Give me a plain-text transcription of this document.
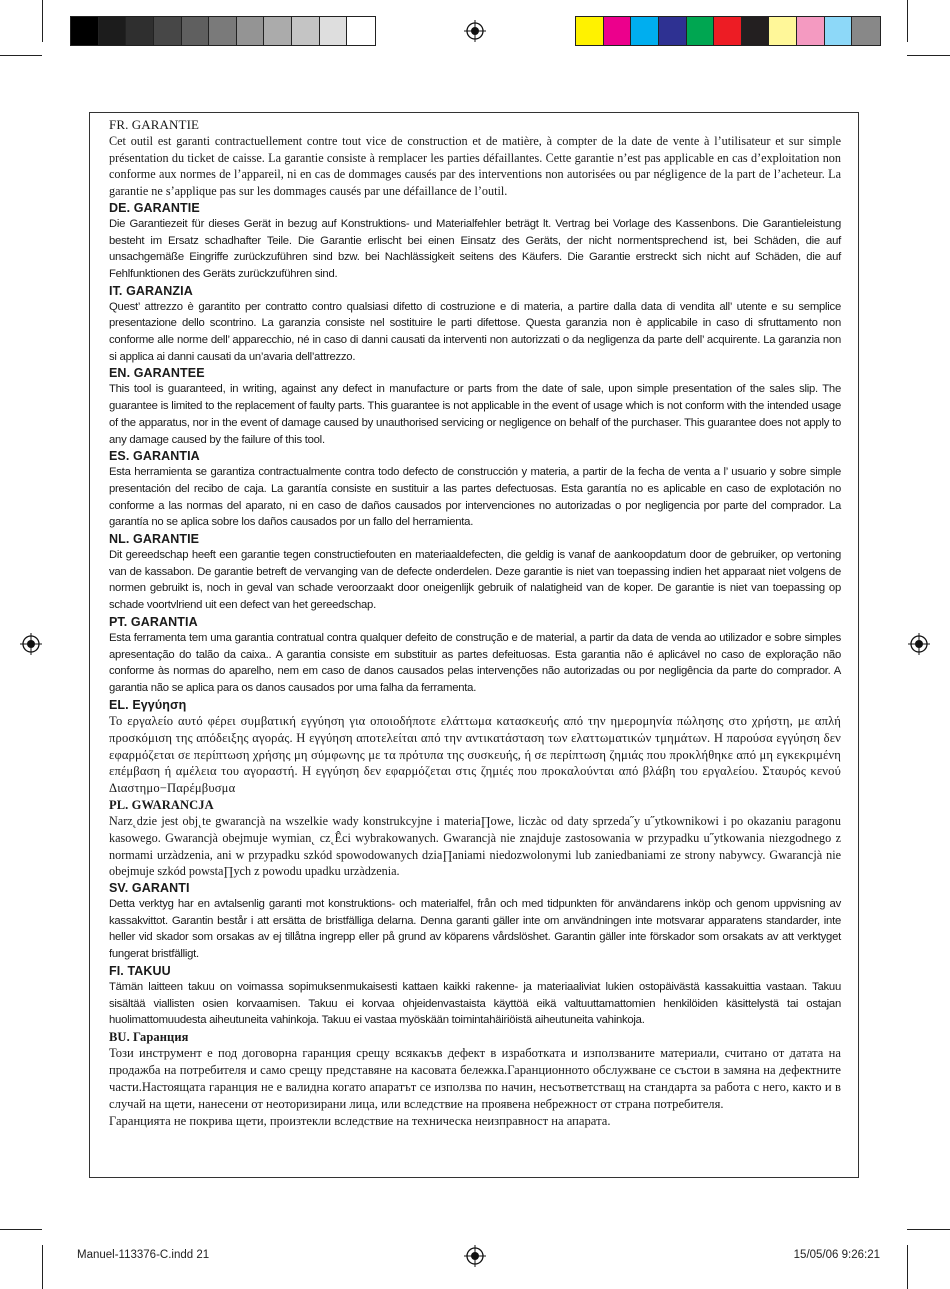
FR. GARANTIE

Cet outil est garanti contractuellement contre tout vice de construction et de matière, à compter de la date de vente à l’utilisateur et sur simple présentation du ticket de caisse. La garantie consiste à remplacer les parties défaillantes. Cette garantie n’est pas applicable en cas d’exploitation non conforme aux normes de l’appareil, ni en cas de dommages causés par des interventions non autorisées ou par négligence de la part de l’acheteur. La garantie ne s’applique pas sur les dommages causés par une défaillance de l’outil.

DE. GARANTIE

Die Garantiezeit für dieses Gerät in bezug auf Konstruktions- und Materialfehler beträgt lt. Vertrag bei Vorlage des Kassenbons. Die Garantieleistung besteht im Ersatz schadhafter Teile. Die Garantie erlischt bei einen Einsatz des Geräts, der nicht normentsprechend ist, bei Schäden, die auf unsachgemäße Eingriffe zurückzuführen sind bzw. bei Nachlässigkeit seitens des Käufers. Die Garantie erstreckt sich nicht auf Schäden, die auf Fehlfunktionen des Geräts zurückzuführen sind.

IT. GARANZIA

Quest’ attrezzo è garantito per contratto contro qualsiasi difetto di costruzione e di materia, a partire dalla data di vendita all’ utente e su semplice presentazione dello scontrino. La garanzia consiste nel sostituire le parti difettose. Questa garanzia non è applicabile in caso di sfruttamento non conforme alle norme dell’ apparecchio, né in caso di danni causati da interventi non autorizzati o da negligenza da parte dell’ acquirente. La garanzia non si applica ai danni causati da un’avaria dell’attrezzo.

EN. GARANTEE

This tool is guaranteed, in writing, against any defect in manufacture or parts from the date of sale, upon simple presentation of the sales slip. The guarantee is limited to the replacement of faulty parts. This guarantee is not applicable in the event of usage which is not conform with the intended usage of the apparatus, nor in the event of damage caused by unauthorised servicing or negligence on behalf of the purchaser. This guarantee does not apply to any damage caused by the failure of this tool.

ES. GARANTIA

Esta herramienta se garantiza contractualmente contra todo defecto de construcción y materia, a partir de la fecha de venta a l’ usuario y sobre simple presentación del recibo de caja. La garantía consiste en sustituir a las partes defectuosas. Esta garantía no es aplicable en caso de explotación no conforme a las normas del aparato, ni en caso de daños causados por intervenciones no autorizadas o por negligencia por parte del comprador. La garantía no se aplica sobre los daños causados por un fallo del herramienta.

NL. GARANTIE

Dit gereedschap heeft een garantie tegen constructiefouten en materiaaldefecten, die geldig is vanaf de aankoopdatum door de gebruiker, op vertoning van de kassabon. De garantie betreft de vervanging van de defecte onderdelen. Deze garantie is niet van toepassing indien het apparaat niet volgens de normen gebruikt is, noch in geval van schade veroorzaakt door oneigenlijk gebruik of nalatigheid van de koper. De garantie is niet van toepassing op schade voortvlriend uit een defect van het gereedschap.

PT. GARANTIA

Esta ferramenta tem uma garantia contratual contra qualquer defeito de construção e de material, a partir da data de venda ao utilizador e sobre simples apresentação do talão da caixa.. A garantia consiste em substituir as partes defeituosas. Esta garantia não é aplicável no caso de exploração não conforme às normas do aparelho, nem em caso de danos causados pelas intervenções não autorizadas ou por negligência da parte do comprador. A garantia não se aplica para os danos causados por uma falha da ferramenta.

EL. Εγγύηση

Το εργαλείο αυτό φέρει συμβατική εγγύηση για οποιοδήποτε ελάττωμα κατασκευής από την ημερομηνία πώλησης στο χρήστη, με απλή προσκόμιση της απόδειξης αγοράς. Η εγγύηση αποτελείται από την αντικατάσταση των ελαττωματικών τμημάτων. Η παρούσα εγγύηση δεν εφαρμόζεται σε περίπτωση χρήσης μη σύμφωνης με τα πρότυπα της συσκευής, ή σε περίπτωση ζημιάς που προκλήθηκε από μη εγκεκριμένη επέμβαση ή αμέλεια του αγοραστή. Η εγγύηση δεν εφαρμόζεται στις ζημιές που προκαλούνται από βλάβη του εργαλείου. Σταυρός κενού Διαστημο−Παρέμβυσμα

PL. GWARANCJA

Narz˛dzie jest obj˛te gwarancjà na wszelkie wady konstrukcyjne i materia∏owe, liczàc od daty sprzeda˝y u˝ytkownikowi i po okazaniu paragonu kasowego. Gwarancjà obejmuje wymian˛ cz˛Êci wybrakowanych. Gwarancjà nie znajduje zastosowania w przypadku u˝ytkowania niezgodnego z normami urzàdzenia, ani w przypadku szkód spowodowanych dzia∏aniami niedozwolonymi lub zaniedbaniami ze strony nabywcy. Gwarancjà nie obejmuje szkód powsta∏ych z powodu upadku urzàdzenia.

SV. GARANTI

Detta verktyg har en avtalsenlig garanti mot konstruktions- och materialfel, från och med tidpunkten för användarens inköp och genom uppvisning av kassakvittot. Garantin består i att ersätta de bristfälliga delarna. Denna garanti gäller inte om användningen inte motsvarar apparatens standarder, inte heller vid skador som orsakas av ej tillåtna ingrepp eller på grund av köparens vårdslöshet. Garantin gäller inte förskador som orsakats av att verktyget fungerat bristfälligt.

FI. TAKUU

Tämän laitteen takuu on voimassa sopimuksenmukaisesti kattaen kaikki rakenne- ja materiaaliviat lukien ostopäivästä kassakuittia vastaan. Takuu sisältää viallisten osien korvaamisen. Takuu ei korvaa ohjeidenvastaista käyttöä eikä valtuuttamattomien henkilöiden käsittelystä tai ostajan huolimattomuudesta aiheutuneita vahinkoja. Takuu ei vastaa myöskään toimintahäiriöistä aiheutuneita vahinkoja.

BU. Гаранция

Този инструмент е под договорна гаранция срещу всякакъв дефект в изработката и използваните материали, считано от датата на продажба на потребителя и само срещу представяне на касовата бележка.Гаранционното обслужване се състои в замяна на дефектните части.Настоящата гаранция не е валидна когато апаратът се използва по начин, несъответстващ на стандарта за работа с него, както и в случай на щети, нанесени от неоторизирани лица, или вследствие на проявена небрежност от страна потребителя.

Гаранцията не покрива щети, произтекли вследствие на техническа неизправност на апарата.

Manuel-113376-C.indd 21	15/05/06 9:26:21
